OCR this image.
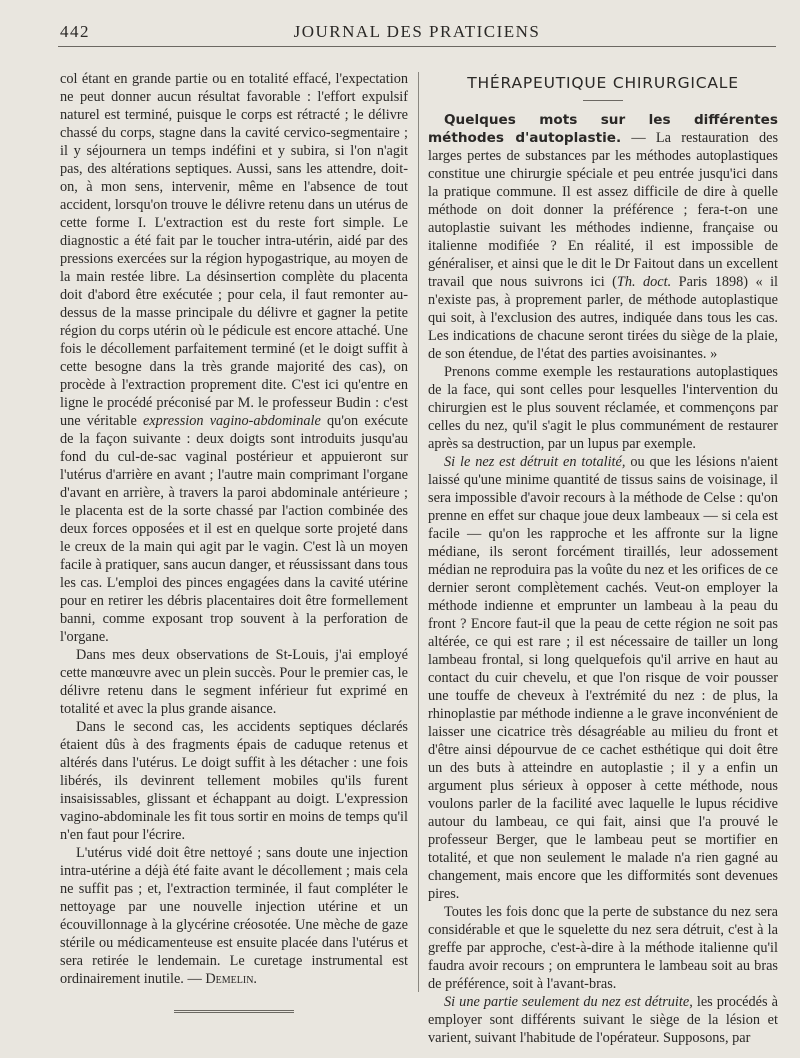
442	JOURNAL DES PRATICIENS

col étant en grande partie ou en totalité effacé, l'expectation ne peut donner aucun résultat favorable : l'effort expulsif naturel est terminé, puisque le corps est rétracté ; le délivre chassé du corps, stagne dans la cavité cervico-segmentaire ; il y séjournera un temps indéfini et y subira, si l'on n'agit pas, des altérations septiques. Aussi, sans les attendre, doit-on, à mon sens, intervenir, même en l'absence de tout accident, lorsqu'on trouve le délivre retenu dans un utérus de cette forme I. L'extraction est du reste fort simple. Le diagnostic a été fait par le toucher intra-utérin, aidé par des pressions exercées sur la région hypogastrique, au moyen de la main restée libre. La désinsertion complète du placenta doit d'abord être exécutée ; pour cela, il faut remonter au-dessus de la masse principale du délivre et gagner la petite région du corps utérin où le pédicule est encore attaché. Une fois le décollement parfaitement terminé (et le doigt suffit à cette besogne dans la très grande majorité des cas), on procède à l'extraction proprement dite. C'est ici qu'entre en ligne le procédé préconisé par M. le professeur Budin : c'est une véritable expression vagino-abdominale qu'on exécute de la façon suivante : deux doigts sont introduits jusqu'au fond du cul-de-sac vaginal postérieur et appuieront sur l'utérus d'arrière en avant ; l'autre main comprimant l'organe d'avant en arrière, à travers la paroi abdominale antérieure ; le placenta est de la sorte chassé par l'action combinée des deux forces opposées et il est en quelque sorte projeté dans le creux de la main qui agit par le vagin. C'est là un moyen facile à pratiquer, sans aucun danger, et réussissant dans tous les cas. L'emploi des pinces engagées dans la cavité utérine pour en retirer les débris placentaires doit être formellement banni, comme exposant trop souvent à la perforation de l'organe.

Dans mes deux observations de St-Louis, j'ai employé cette manœuvre avec un plein succès. Pour le premier cas, le délivre retenu dans le segment inférieur fut exprimé en totalité et avec la plus grande aisance.

Dans le second cas, les accidents septiques déclarés étaient dûs à des fragments épais de caduque retenus et altérés dans l'utérus. Le doigt suffit à les détacher : une fois libérés, ils devinrent tellement mobiles qu'ils furent insaisissables, glissant et échappant au doigt. L'expression vagino-abdominale les fit tous sortir en moins de temps qu'il n'en faut pour l'écrire.

L'utérus vidé doit être nettoyé ; sans doute une injection intra-utérine a déjà été faite avant le décollement ; mais cela ne suffit pas ; et, l'extraction terminée, il faut compléter le nettoyage par une nouvelle injection utérine et un écouvillonnage à la glycérine créosotée. Une mèche de gaze stérile ou médicamenteuse est ensuite placée dans l'utérus et sera retirée le lendemain. Le curetage instrumental est ordinairement inutile. — Demelin.

THÉRAPEUTIQUE CHIRURGICALE

Quelques mots sur les différentes méthodes d'autoplastie. — La restauration des larges pertes de substances par les méthodes autoplastiques constitue une chirurgie spéciale et peu entrée jusqu'ici dans la pratique commune. Il est assez difficile de dire à quelle méthode on doit donner la préférence ; fera-t-on une autoplastie suivant les méthodes indienne, française ou italienne modifiée ? En réalité, il est impossible de généraliser, et ainsi que le dit le Dr Faitout dans un excellent travail que nous suivrons ici (Th. doct. Paris 1898) « il n'existe pas, à proprement parler, de méthode autoplastique qui soit, à l'exclusion des autres, indiquée dans tous les cas. Les indications de chacune seront tirées du siège de la plaie, de son étendue, de l'état des parties avoisinantes. »

Prenons comme exemple les restaurations autoplastiques de la face, qui sont celles pour lesquelles l'intervention du chirurgien est le plus souvent réclamée, et commençons par celles du nez, qu'il s'agit le plus communément de restaurer après sa destruction, par un lupus par exemple.

Si le nez est détruit en totalité, ou que les lésions n'aient laissé qu'une minime quantité de tissus sains de voisinage, il sera impossible d'avoir recours à la méthode de Celse : qu'on prenne en effet sur chaque joue deux lambeaux — si cela est facile — qu'on les rapproche et les affronte sur la ligne médiane, ils seront forcément tiraillés, leur adossement médian ne reproduira pas la voûte du nez et les orifices de ce dernier seront complètement cachés. Veut-on employer la méthode indienne et emprunter un lambeau à la peau du front ? Encore faut-il que la peau de cette région ne soit pas altérée, ce qui est rare ; il est nécessaire de tailler un long lambeau frontal, si long quelquefois qu'il arrive en haut au contact du cuir chevelu, et que l'on risque de voir pousser une touffe de cheveux à l'extrémité du nez : de plus, la rhinoplastie par méthode indienne a le grave inconvénient de laisser une cicatrice très désagréable au milieu du front et d'être ainsi dépourvue de ce cachet esthétique qui doit être un des buts à atteindre en autoplastie ; il y a enfin un argument plus sérieux à opposer à cette méthode, nous voulons parler de la facilité avec laquelle le lupus récidive autour du lambeau, ce qui fait, ainsi que l'a prouvé le professeur Berger, que le lambeau peut se mortifier en totalité, et que non seulement le malade n'a rien gagné au changement, mais encore que les difformités sont devenues pires.

Toutes les fois donc que la perte de substance du nez sera considérable et que le squelette du nez sera détruit, c'est à la greffe par approche, c'est-à-dire à la méthode italienne qu'il faudra avoir recours ; on empruntera le lambeau soit au bras de préférence, soit à l'avant-bras.

Si une partie seulement du nez est détruite, les procédés à employer sont différents suivant le siège de la lésion et varient, suivant l'habitude de l'opérateur. Supposons, par
